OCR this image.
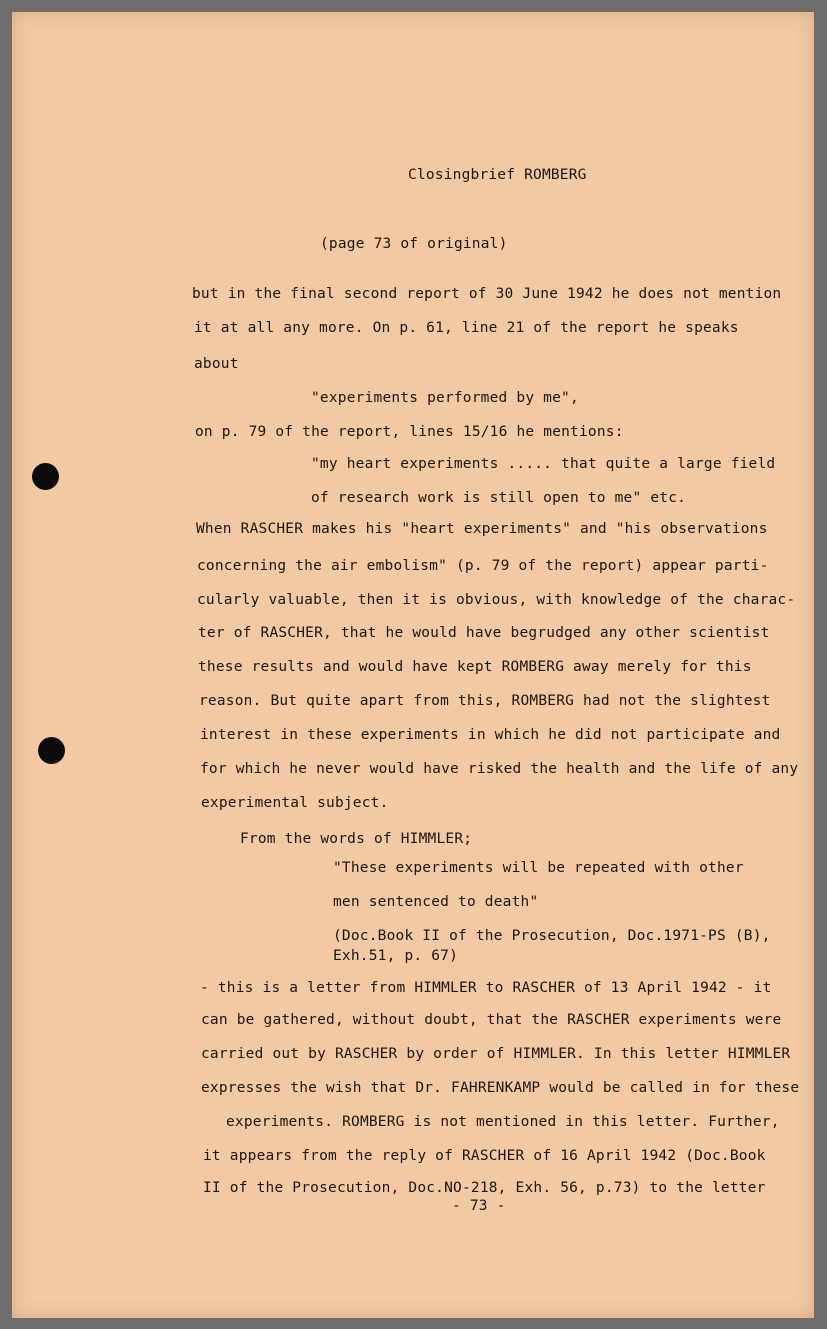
Closingbrief ROMBERG
(page 73 of original)
but in the final second report of 30 June 1942 he does not mention
it at all any more. On p. 61, line 21 of the report he speaks
about
"experiments performed by me",
on p. 79 of the report, lines 15/16 he mentions:
"my heart experiments ..... that quite a large field
of research work is still open to me" etc.
When RASCHER makes his "heart experiments" and "his observations
concerning the air embolism" (p. 79 of the report) appear parti-
cularly valuable, then it is obvious, with knowledge of the charac-
ter of RASCHER, that he would have begrudged any other scientist
these results and would have kept ROMBERG away merely for this
reason. But quite apart from this, ROMBERG had not the slightest
interest in these experiments in which he did not participate and
for which he never would have risked the health and the life of any
experimental subject.
From the words of HIMMLER;
"These experiments will be repeated with other
men sentenced to death"
(Doc.Book II of the Prosecution, Doc.1971-PS (B),
Exh.51, p. 67)
- this is a letter from HIMMLER to RASCHER of 13 April 1942 - it
can be gathered, without doubt, that the RASCHER experiments were
carried out by RASCHER by order of HIMMLER. In this letter HIMMLER
expresses the wish that Dr. FAHRENKAMP would be called in for these
experiments. ROMBERG is not mentioned in this letter. Further,
it appears from the reply of RASCHER of 16 April 1942 (Doc.Book
II of the Prosecution, Doc.NO-218, Exh. 56, p.73) to the letter
- 73 -
